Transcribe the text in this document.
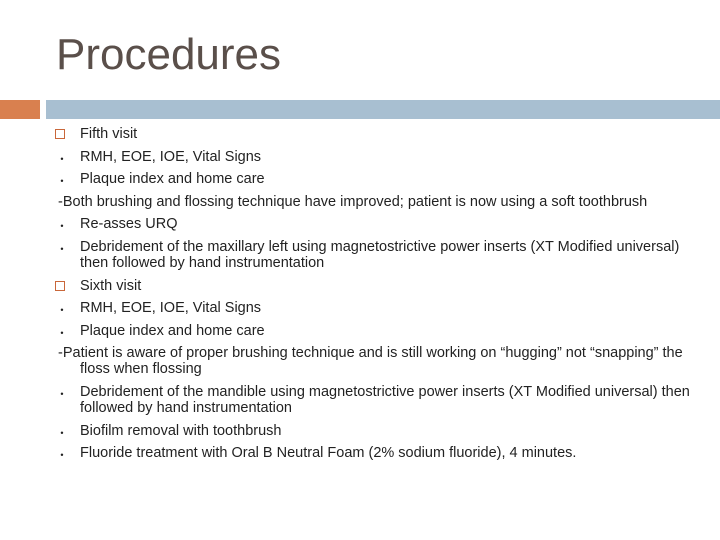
Procedures
Fifth visit
•	RMH, EOE, IOE, Vital Signs
•	Plaque index and home care
-Both brushing and flossing technique have improved; patient is now using a soft toothbrush
•	Re-asses URQ
•	Debridement of the maxillary left using magnetostrictive power inserts (XT Modified universal) then followed by hand instrumentation
Sixth visit
•	RMH, EOE, IOE, Vital Signs
•	Plaque index and home care
-Patient is aware of proper brushing technique and is still working on “hugging” not “snapping” the floss when flossing
•	Debridement of the mandible using magnetostrictive power inserts (XT Modified universal) then followed by hand instrumentation
•	Biofilm removal with toothbrush
•	Fluoride treatment with Oral B Neutral Foam (2% sodium fluoride), 4 minutes.
